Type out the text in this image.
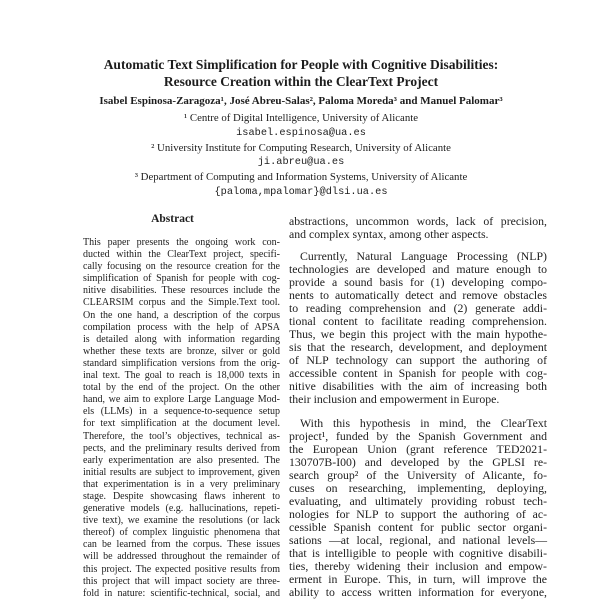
Automatic Text Simplification for People with Cognitive Disabilities:
Resource Creation within the ClearText Project
Isabel Espinosa-Zaragoza¹, José Abreu-Salas², Paloma Moreda³ and Manuel Palomar³
¹ Centre of Digital Intelligence, University of Alicante
isabel.espinosa@ua.es
² University Institute for Computing Research, University of Alicante
ji.abreu@ua.es
³ Department of Computing and Information Systems, University of Alicante
{paloma,mpalomar}@dlsi.ua.es
Abstract
This paper presents the ongoing work con-
ducted within the ClearText project, specifi-
cally focusing on the resource creation for the
simplification of Spanish for people with cog-
nitive disabilities. These resources include the
CLEARSIM corpus and the Simple.Text tool.
On the one hand, a description of the corpus
compilation process with the help of APSA
is detailed along with information regarding
whether these texts are bronze, silver or gold
standard simplification versions from the orig-
inal text. The goal to reach is 18,000 texts in
total by the end of the project. On the other
hand, we aim to explore Large Language Mod-
els (LLMs) in a sequence-to-sequence setup
for text simplification at the document level.
Therefore, the tool’s objectives, technical as-
pects, and the preliminary results derived from
early experimentation are also presented. The
initial results are subject to improvement, given
that experimentation is in a very preliminary
stage. Despite showcasing flaws inherent to
generative models (e.g. hallucinations, repeti-
tive text), we examine the resolutions (or lack
thereof) of complex linguistic phenomena that
can be learned from the corpus. These issues
will be addressed throughout the remainder of
this project. The expected positive results from
this project that will impact society are three-
fold in nature: scientific-technical, social, and
abstractions, uncommon words, lack of precision,
and complex syntax, among other aspects.
Currently, Natural Language Processing (NLP)
technologies are developed and mature enough to
provide a sound basis for (1) developing compo-
nents to automatically detect and remove obstacles
to reading comprehension and (2) generate addi-
tional content to facilitate reading comprehension.
Thus, we begin this project with the main hypothe-
sis that the research, development, and deployment
of NLP technology can support the authoring of
accessible content in Spanish for people with cog-
nitive disabilities with the aim of increasing both
their inclusion and empowerment in Europe.
With this hypothesis in mind, the ClearText
project¹, funded by the Spanish Government and
the European Union (grant reference TED2021-
130707B-I00) and developed by the GPLSI re-
search group² of the University of Alicante, fo-
cuses on researching, implementing, deploying,
evaluating, and ultimately providing robust tech-
nologies for NLP to support the authoring of ac-
cessible Spanish content for public sector organi-
sations —at local, regional, and national levels—
that is intelligible to people with cognitive disabili-
ties, thereby widening their inclusion and empow-
erment in Europe. This, in turn, will improve the
ability to access written information for everyone,
